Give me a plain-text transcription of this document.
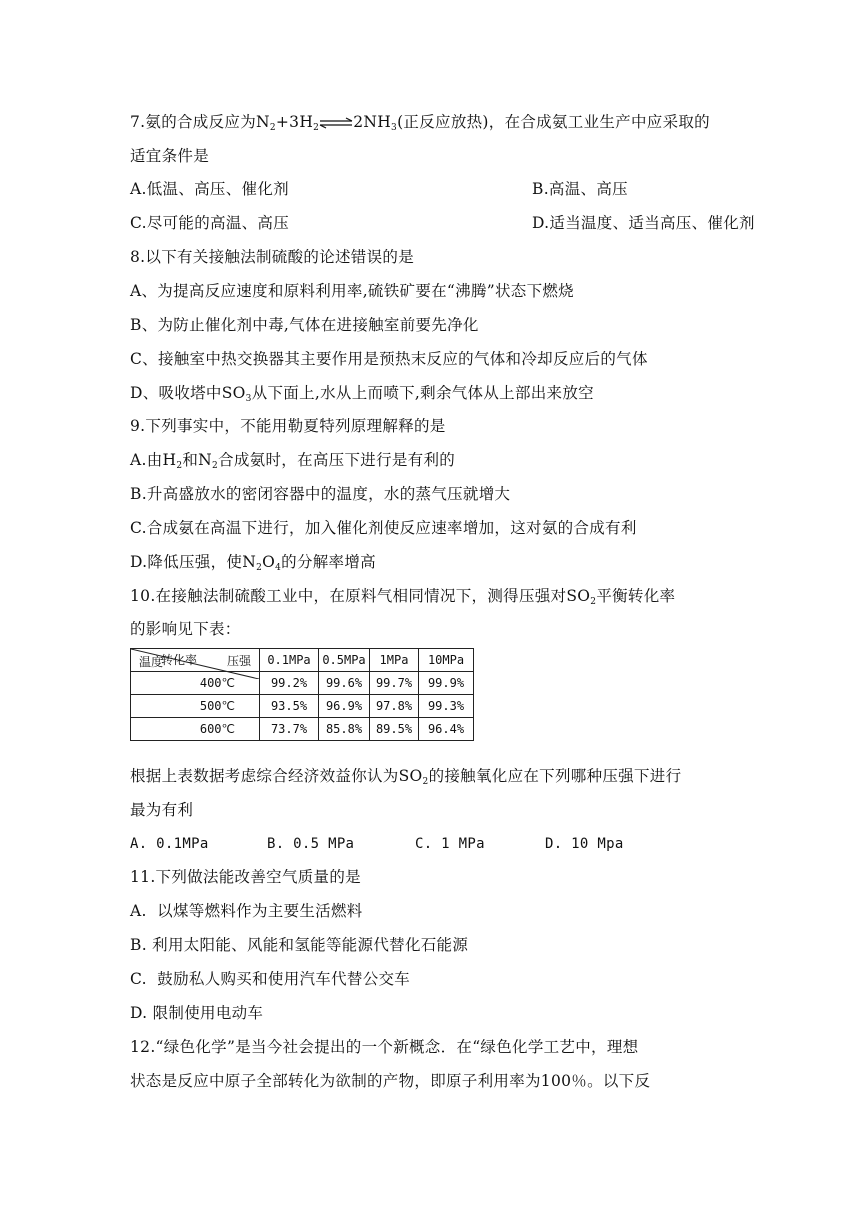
7.氨的合成反应为$N_2+3H_2\rightleftharpoons 2NH_3$(正反应放热)，在合成氨工业生产中应采取的
适宜条件是
A.低温、高压、催化剂	B.高温、高压
C.尽可能的高温、高压	D.适当温度、适当高压、催化剂
8.以下有关接触法制硫酸的论述错误的是
A、为提高反应速度和原料利用率,硫铁矿要在“沸腾”状态下燃烧
B、为防止催化剂中毒,气体在进接触室前要先净化
C、接触室中热交换器其主要作用是预热末反应的气体和冷却反应后的气体
D、吸收塔中$SO_3$从下面上,水从上而喷下,剩余气体从上部出来放空
9.下列事实中，不能用勒夏特列原理解释的是
A.由$H_2$和$N_2$合成氨时，在高压下进行是有利的
B.升高盛放水的密闭容器中的温度，水的蒸气压就增大
C.合成氨在高温下进行，加入催化剂使反应速率增加，这对氨的合成有利
D.降低压强，使$N_2O_4$的分解率增高
10.在接触法制硫酸工业中，在原料气相同情况下，测得压强对$SO_2$平衡转化率
的影响见下表：
转化率 压强
温度	0.1MPa	0.5MPa	1MPa	10MPa
400℃	99.2%	99.6%	99.7%	99.9%
500℃	93.5%	96.9%	97.8%	99.3%
600℃	73.7%	85.8%	89.5%	96.4%
根据上表数据考虑综合经济效益你认为$SO_2$的接触氧化应在下列哪种压强下进行
最为有利
A. 0.1MPa	B. 0.5 MPa	C. 1 MPa	D. 10 Mpa
11.下列做法能改善空气质量的是
A.  以煤等燃料作为主要生活燃料
B. 利用太阳能、风能和氢能等能源代替化石能源
C.  鼓励私人购买和使用汽车代替公交车
D. 限制使用电动车
12.“绿色化学”是当今社会提出的一个新概念．在“绿色化学工艺中，理想
状态是反应中原子全部转化为欲制的产物，即原子利用率为100％。以下反
